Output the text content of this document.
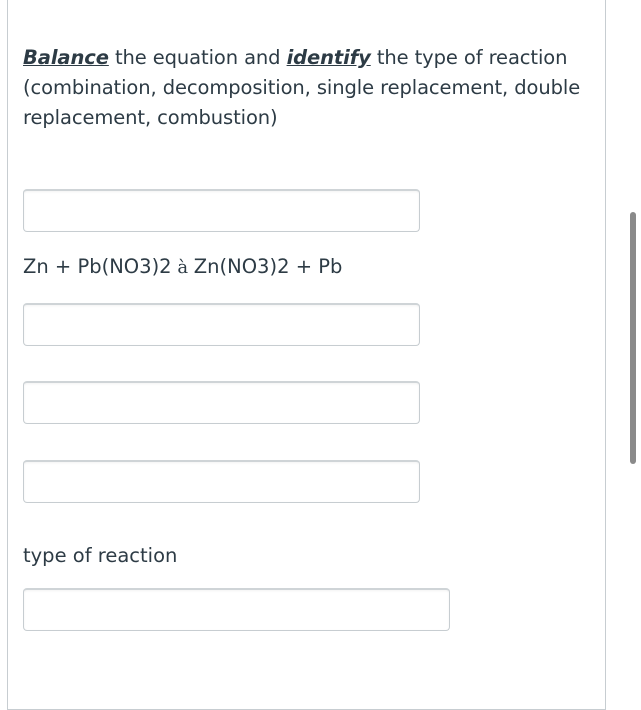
Balance the equation and identify the type of reaction (combination, decomposition, single replacement, double replacement, combustion)
Zn + Pb(NO3)2 à Zn(NO3)2 + Pb
type of reaction
